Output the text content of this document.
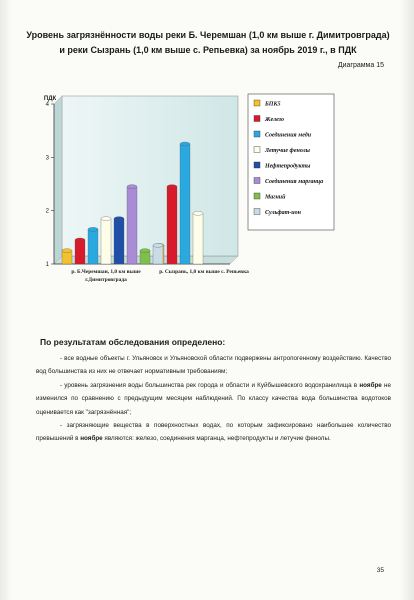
Уровень загрязнённости воды реки Б. Черемшан (1,0 км выше г. Димитровграда)
и реки Сызрань (1,0 км выше с. Репьевка) за ноябрь 2019 г., в ПДК
Диаграмма 15
ПДК
1
2
3
4
р. Б.Черемшан, 1,0 км выше г.Димитровграда
р. Сызрань, 1,0 км выше с. Репьевка
БПК5
Железо
Соединения меди
Летучие фенолы
Нефтепродукты
Соединения марганца
Магний
Сульфат-ион
По результатам обследования определено:

- все водные объекты г. Ульяновск и Ульяновской области подвержены антропогенному воздействию. Качество вод большинства из них не отвечает нормативным требованиям;

- уровень загрязнения воды большинства рек города и области и Куйбышевского водохранилища в ноябре не изменился по сравнению с предыдущим месяцем наблюдений. По классу качества вода большинства водотоков оценивается как "загрязнённая";

- загрязняющие вещества в поверхностных водах, по которым зафиксировано наибольшее количество превышений в ноябре являются: железо, соединения марганца, нефтепродукты и летучие фенолы.

35
